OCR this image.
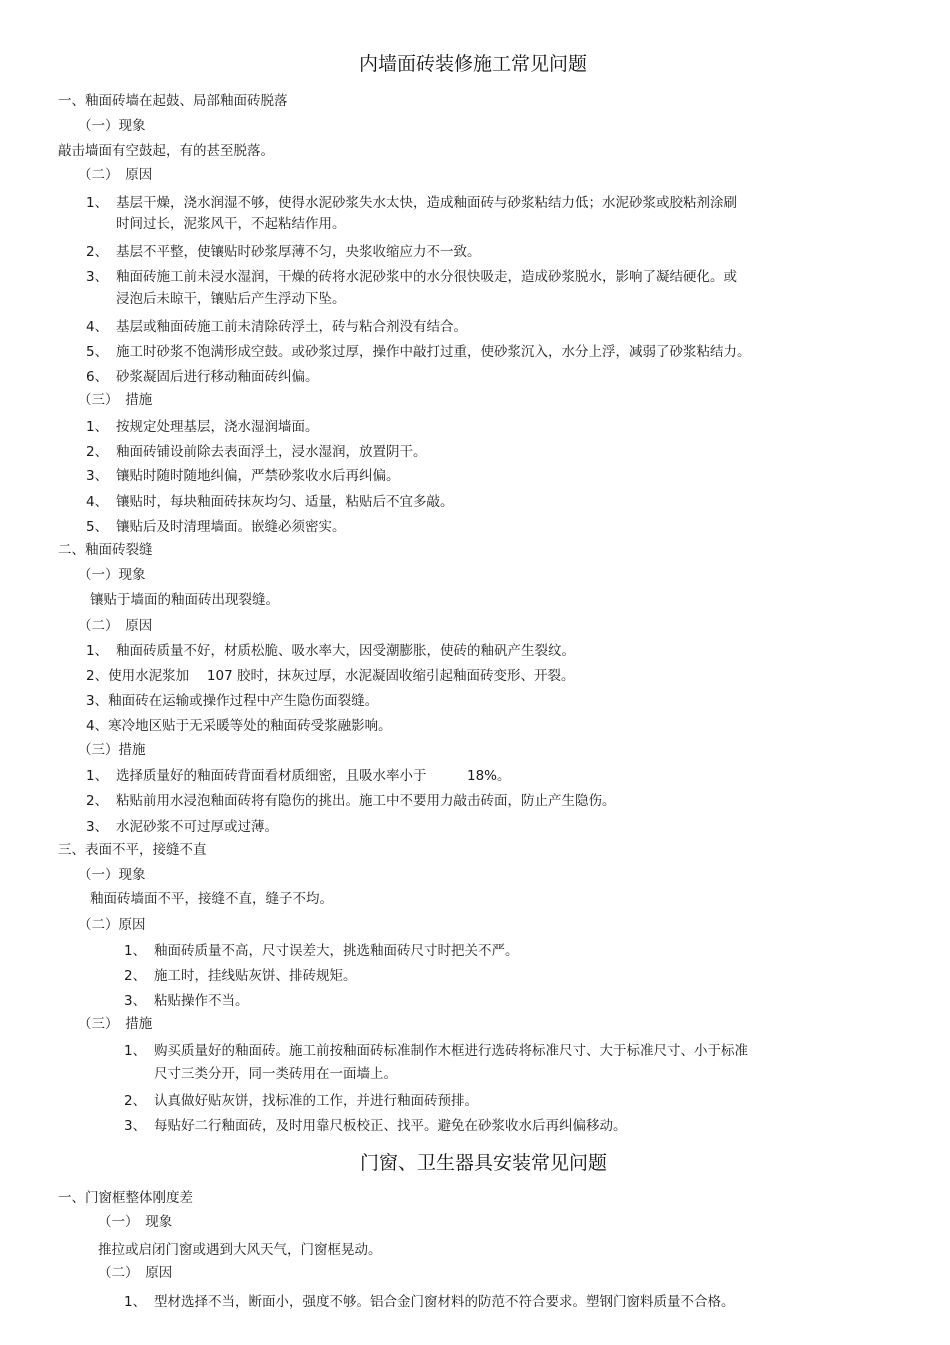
内墙面砖装修施工常见问题
一、釉面砖墙在起鼓、局部釉面砖脱落
（一）现象
敲击墙面有空鼓起，有的甚至脱落。
（二）　原因
1、 基层干燥，浇水润湿不够，使得水泥砂浆失水太快，造成釉面砖与砂浆粘结力低；水泥砂浆或胶粘剂涂刷
时间过长，泥浆风干，不起粘结作用。
2、 基层不平整，使镶贴时砂浆厚薄不匀，央浆收缩应力不一致。
3、 釉面砖施工前未浸水湿润，干燥的砖将水泥砂浆中的水分很快吸走，造成砂浆脱水，影响了凝结硬化。或
浸泡后未晾干，镶贴后产生浮动下坠。
4、 基层或釉面砖施工前未清除砖浮土，砖与粘合剂没有结合。
5、 施工时砂浆不饱满形成空鼓。或砂浆过厚，操作中敲打过重，使砂浆沉入，水分上浮，减弱了砂浆粘结力。
6、 砂浆凝固后进行移动釉面砖纠偏。
（三）　措施
1、 按规定处理基层，浇水湿润墙面。
2、 釉面砖铺设前除去表面浮土，浸水湿润，放置阴干。
3、 镶贴时随时随地纠偏，严禁砂浆收水后再纠偏。
4、 镶贴时，每块釉面砖抹灰均匀、适量，粘贴后不宜多敲。
5、 镶贴后及时清理墙面。嵌缝必须密实。
二、釉面砖裂缝
（一）现象
镶贴于墙面的釉面砖出现裂缝。
（二）　原因
1、 釉面砖质量不好，材质松脆、吸水率大，因受潮膨胀，使砖的釉矾产生裂纹。
2、使用水泥浆加　 107 胶时，抹灰过厚，水泥凝固收缩引起釉面砖变形、开裂。
3、釉面砖在运输或操作过程中产生隐伤面裂缝。
4、寒冷地区贴于无采暖等处的釉面砖受浆融影响。
（三）措施
1、 选择质量好的釉面砖背面看材质细密，且吸水率小于　　　18%。
2、 粘贴前用水浸泡釉面砖将有隐伤的挑出。施工中不要用力敲击砖面，防止产生隐伤。
3、 水泥砂浆不可过厚或过薄。
三、表面不平，接缝不直
（一）现象
釉面砖墙面不平，接缝不直，缝子不均。
（二）原因
1、 釉面砖质量不高，尺寸误差大，挑选釉面砖尺寸时把关不严。
2、 施工时，挂线贴灰饼、排砖规矩。
3、 粘贴操作不当。
（三）　措施
1、 购买质量好的釉面砖。施工前按釉面砖标准制作木框进行选砖将标准尺寸、大于标准尺寸、小于标准
尺寸三类分开，同一类砖用在一面墙上。
2、 认真做好贴灰饼，找标准的工作，并进行釉面砖预排。
3、 每贴好二行釉面砖，及时用靠尺板校正、找平。避免在砂浆收水后再纠偏移动。
门窗、卫生器具安装常见问题
一、门窗框整体刚度差
（一）　现象
推拉或启闭门窗或遇到大风天气，门窗框晃动。
（二）　原因
1、 型材选择不当，断面小，强度不够。铝合金门窗材料的防范不符合要求。塑钢门窗料质量不合格。
